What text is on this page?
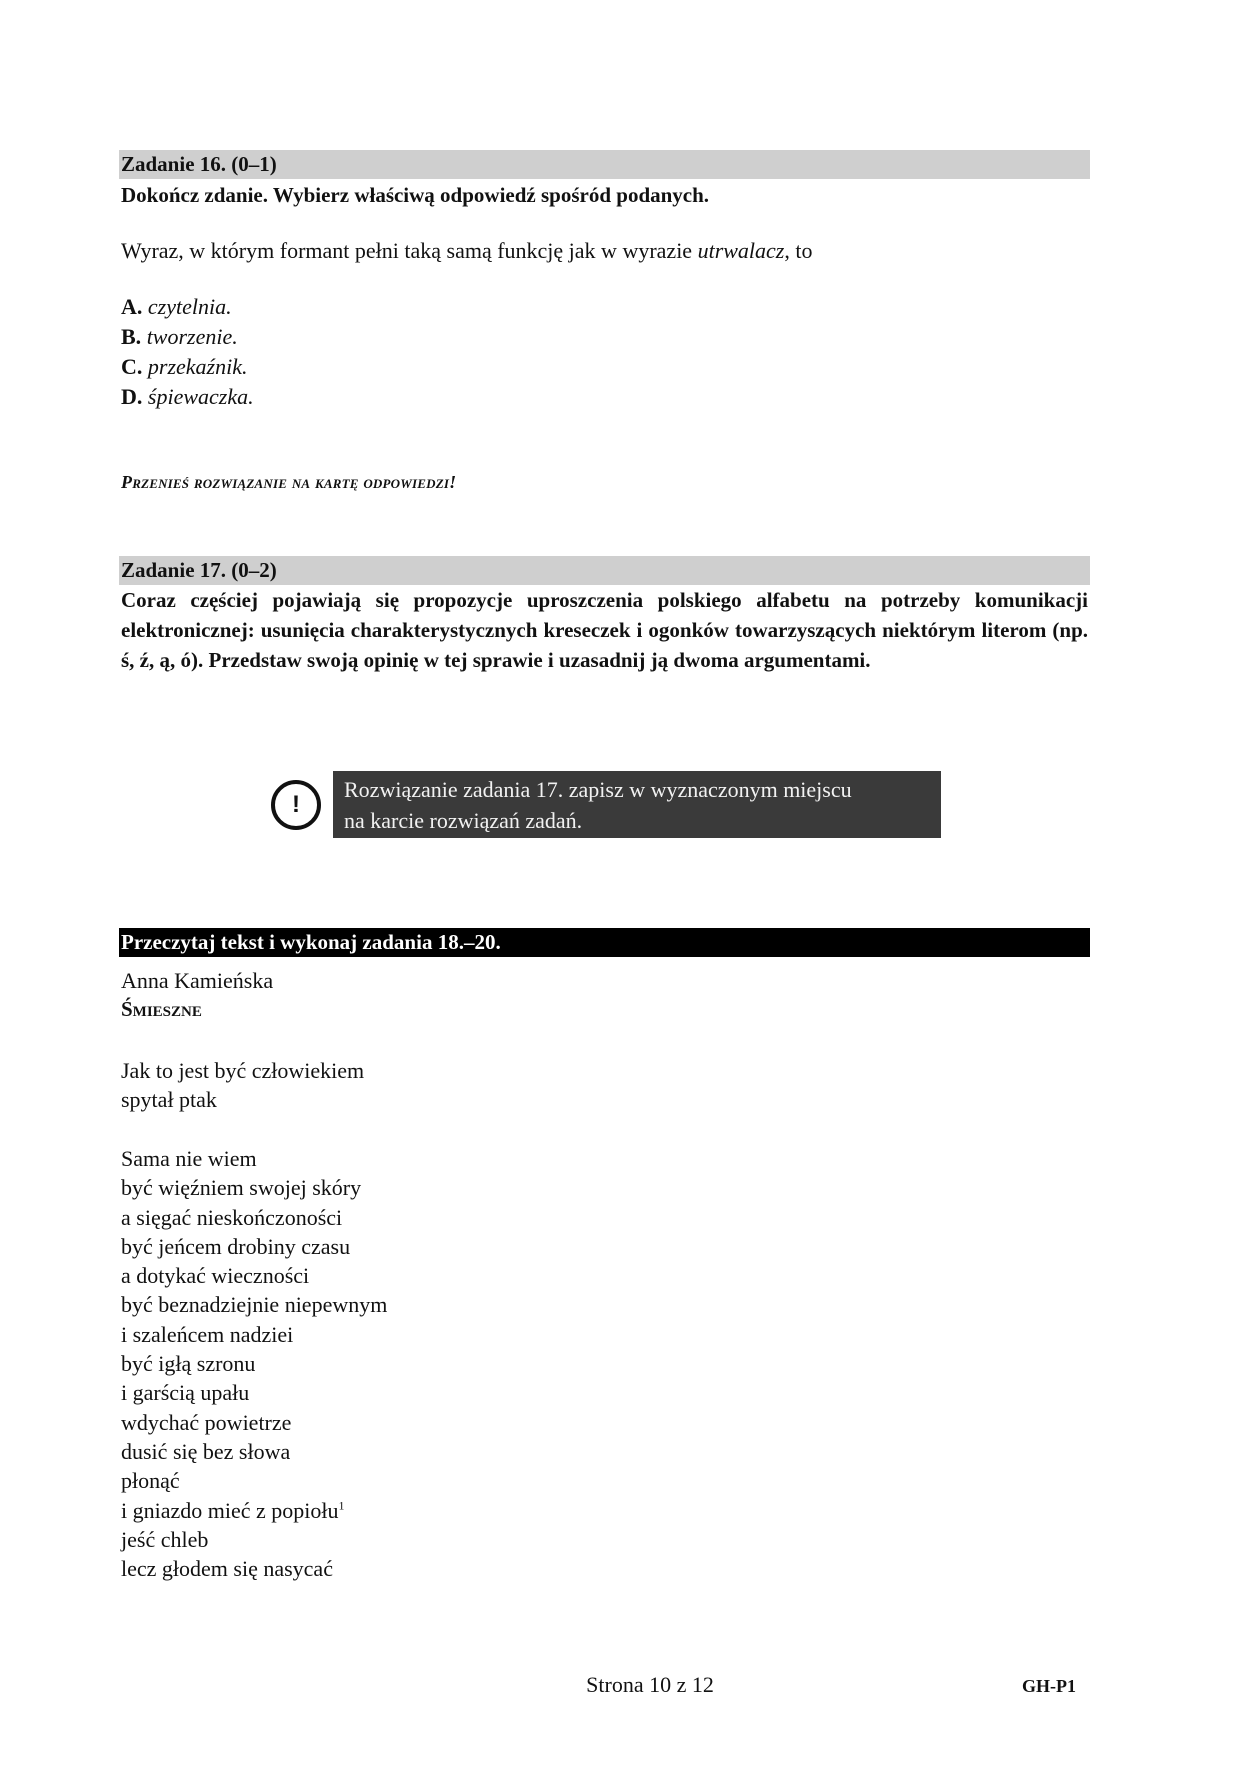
Zadanie 16. (0–1)
Dokończ zdanie. Wybierz właściwą odpowiedź spośród podanych.
Wyraz, w którym formant pełni taką samą funkcję jak w wyrazie utrwalacz, to
A. czytelnia.
B. tworzenie.
C. przekaźnik.
D. śpiewaczka.
Przenieś rozwiązanie na kartę odpowiedzi!
Zadanie 17. (0–2)
Coraz częściej pojawiają się propozycje uproszczenia polskiego alfabetu na potrzeby komunikacji elektronicznej: usunięcia charakterystycznych kreseczek i ogonków towarzyszących niektórym literom (np. ś, ź, ą, ó). Przedstaw swoją opinię w tej sprawie i uzasadnij ją dwoma argumentami.
!
Rozwiązanie zadania 17. zapisz w wyznaczonym miejscu
na karcie rozwiązań zadań.
Przeczytaj tekst i wykonaj zadania 18.–20.
Anna Kamieńska
Śmieszne
Jak to jest być człowiekiem
spytał ptak
Sama nie wiem
być więźniem swojej skóry
a sięgać nieskończoności
być jeńcem drobiny czasu
a dotykać wieczności
być beznadziejnie niepewnym
i szaleńcem nadziei
być igłą szronu
i garścią upału
wdychać powietrze
dusić się bez słowa
płonąć
i gniazdo mieć z popiołu$^1$
jeść chleb
lecz głodem się nasycać
Strona 10 z 12	GH-P1
